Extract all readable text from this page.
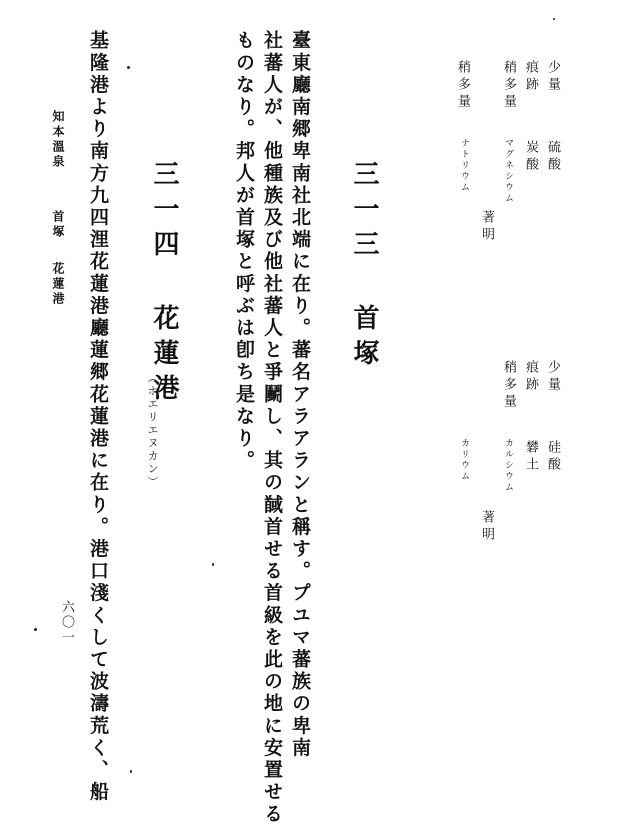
少量
硫酸
痕跡
炭酸
稍多量
マグネシウム
著明
稍多量
ナトリウム
少量
硅酸
痕跡
礬土
稍多量
カルシウム
著明
カリウム
三一三 首塚
臺東廳南郷卑南社北端に在り。蕃名アラアランと稱す。プユマ蕃族の卑南
社蕃人が、他種族及び他社蕃人と爭鬭し、其の馘首せる首級を此の地に安置せる
ものなり。邦人が首塚と呼ぶは卽ち是なり。
三一四 花蓮港
（ホエリエヌカン）
基隆港より南方九四浬花蓮港廳蓮郷花蓮港に在り。港口淺くして波濤荒く、船
知本溫泉
首塚
花蓮港
六〇一
